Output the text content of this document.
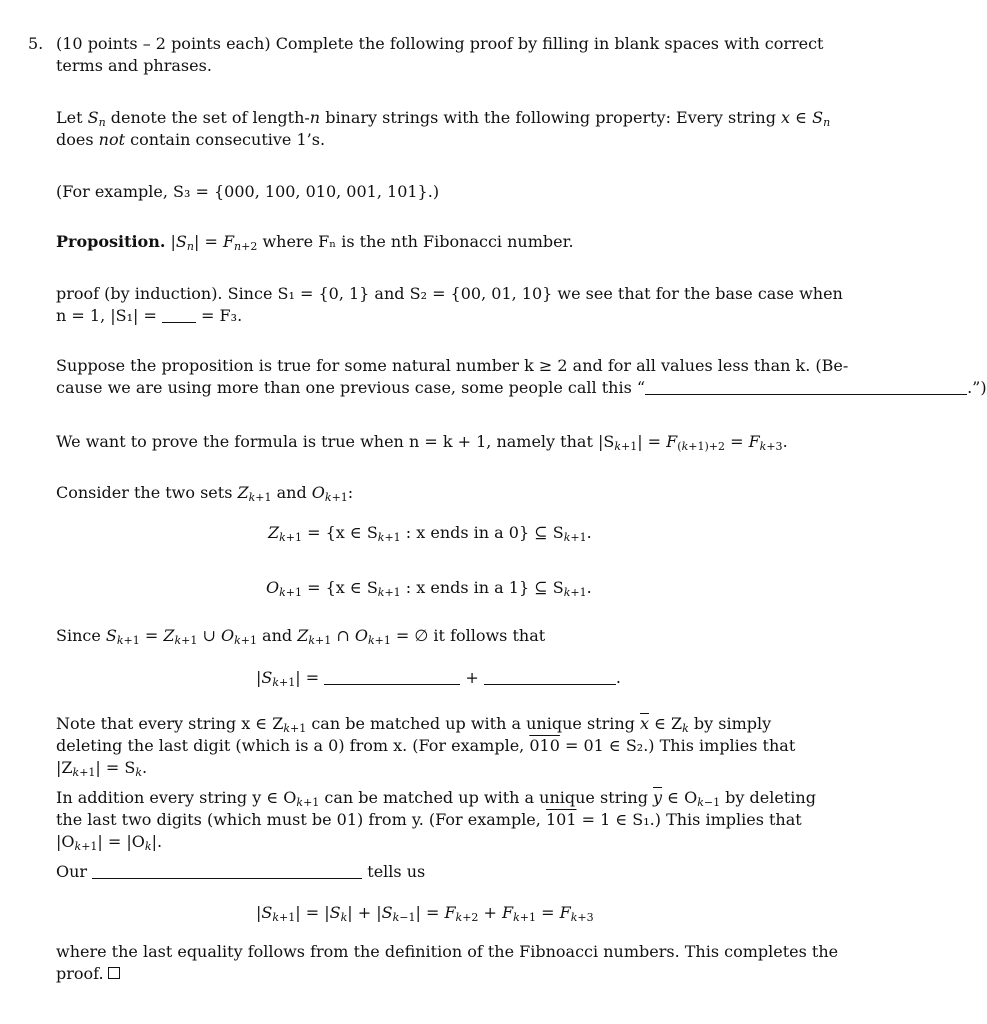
5. (10 points – 2 points each) Complete the following proof by filling in blank spaces with correct
terms and phrases.
Let $S_n$ denote the set of length-n binary strings with the following property: Every string x ∈ $S_n$
does not contain consecutive 1’s.
(For example, S₃ = {000, 100, 010, 001, 101}.)
Proposition. $|S_n| = F_{n+2}$ where Fₙ is the nth Fibonacci number.
proof (by induction). Since S₁ = {0, 1} and S₂ = {00, 01, 10} we see that for the base case when
n = 1, |S₁| =  = F₃.
Suppose the proposition is true for some natural number k ≥ 2 and for all values less than k. (Be-
cause we are using more than one previous case, some people call this “	.”)
We want to prove the formula is true when n = k + 1, namely that $|S_{k+1}| = F_{(k+1)+2} = F_{k+3}$.
Consider the two sets $Z_{k+1}$ and $O_{k+1}$:
$Z_{k+1} = \{x$ ∈ $S_{k+1}$ : x ends in a 0} ⊆ $S_{k+1}$.
$O_{k+1} = \{x$ ∈ $S_{k+1}$ : x ends in a 1} ⊆ $S_{k+1}$.
Since $S_{k+1} = Z_{k+1}$ ∪ $O_{k+1}$ and $Z_{k+1}$ ∩ $O_{k+1}$ = ∅ it follows that
$|S_{k+1}|$ =	+	.
Note that every string x ∈ $Z_{k+1}$ can be matched up with a unique string $\overline{x}$ ∈ $Z_k$ by simply
deleting the last digit (which is a 0) from x. (For example, 010 = 01 ∈ S₂.) This implies that
$|Z_{k+1}| = S_k$.
In addition every string y ∈ $O_{k+1}$ can be matched up with a unique string $\overline{y}$ ∈ $O_{k-1}$ by deleting
the last two digits (which must be 01) from y. (For example, 101 = 1 ∈ S₁.) This implies that
$|O_{k+1}| = |O_k|$.
Our	tells us
$|S_{k+1}| = |S_k| + |S_{k-1}| = F_{k+2} + F_{k+1} = F_{k+3}$
where the last equality follows from the definition of the Fibnoacci numbers. This completes the
proof.
